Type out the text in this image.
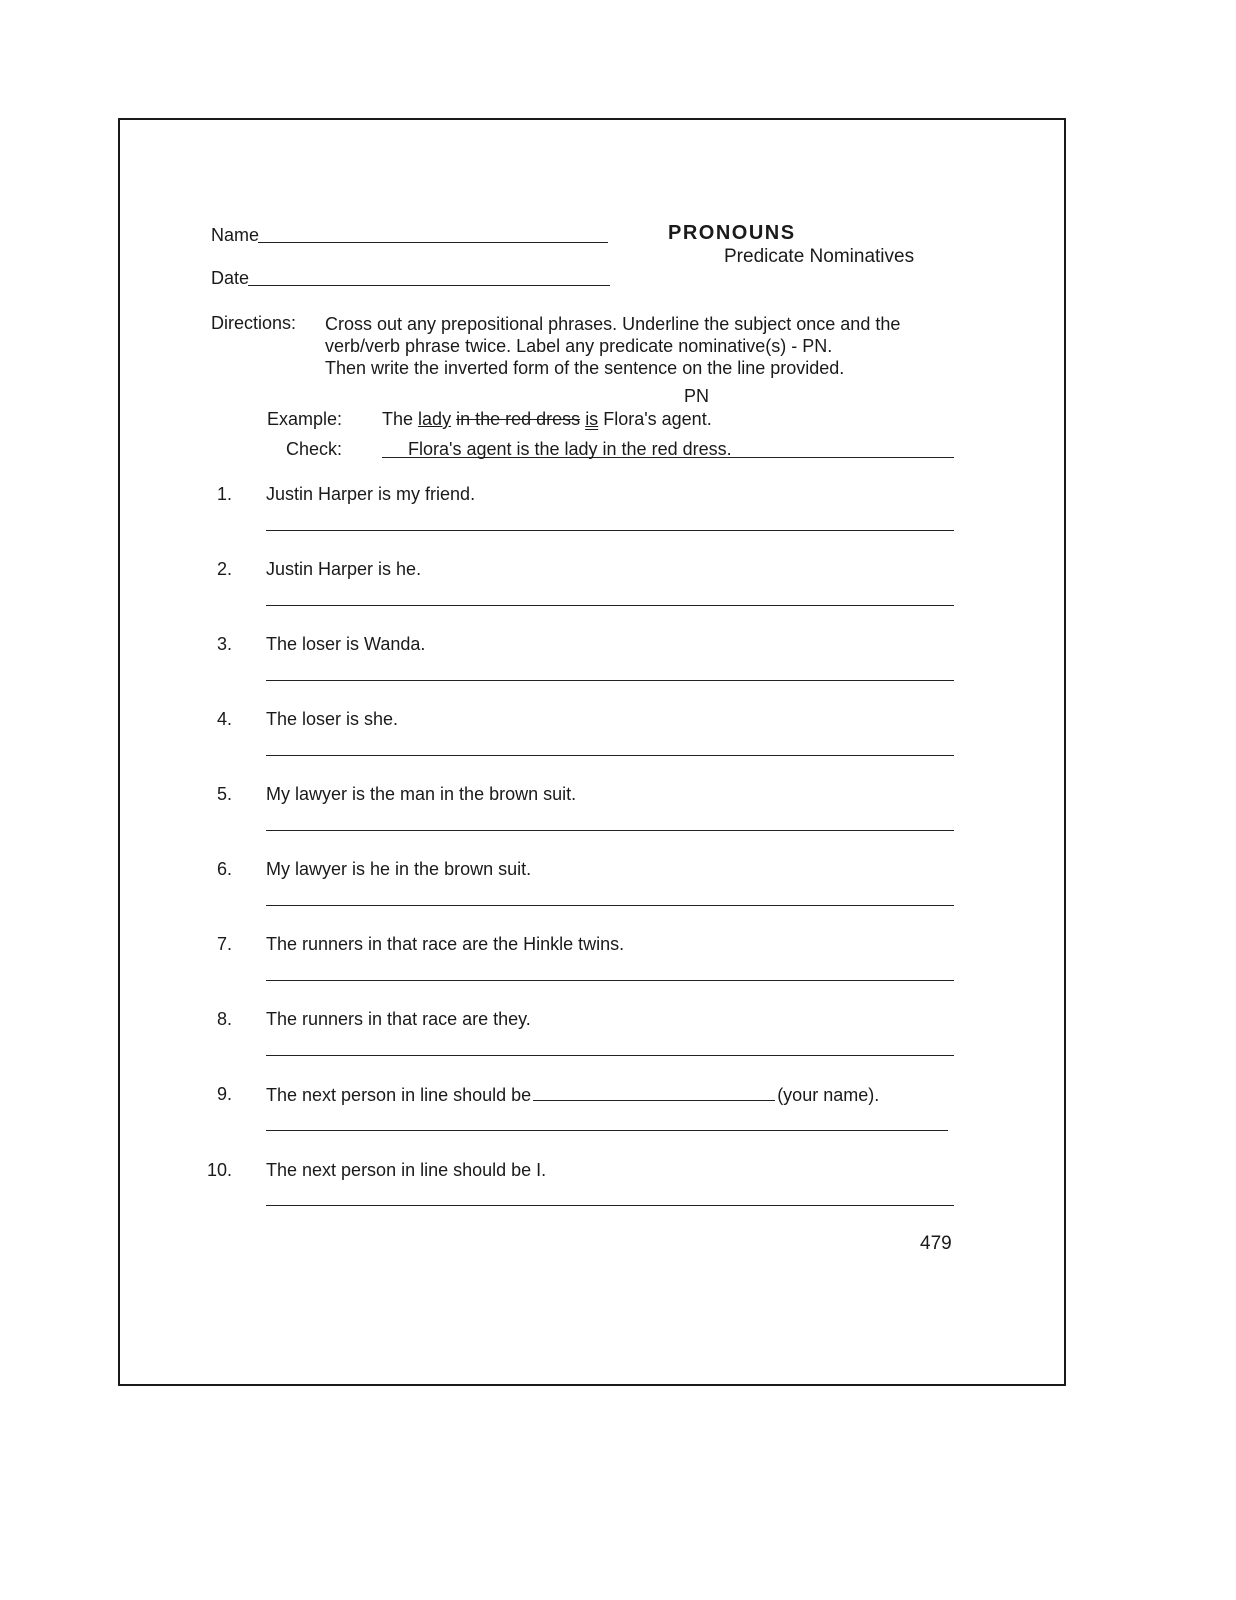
Name
Date
PRONOUNS
Predicate Nominatives
Directions: Cross out any prepositional phrases. Underline the subject once and the
verb/verb phrase twice. Label any predicate nominative(s) - PN.
Then write the inverted form of the sentence on the line provided.
PN
Example: The lady in the red dress is Flora's agent.
Check:	Flora's agent is the lady in the red dress.
1. Justin Harper is my friend.
2. Justin Harper is he.
3. The loser is Wanda.
4. The loser is she.
5. My lawyer is the man in the brown suit.
6. My lawyer is he in the brown suit.
7. The runners in that race are the Hinkle twins.
8. The runners in that race are they.
9. The next person in line should be	(your name).
10. The next person in line should be I.
479
